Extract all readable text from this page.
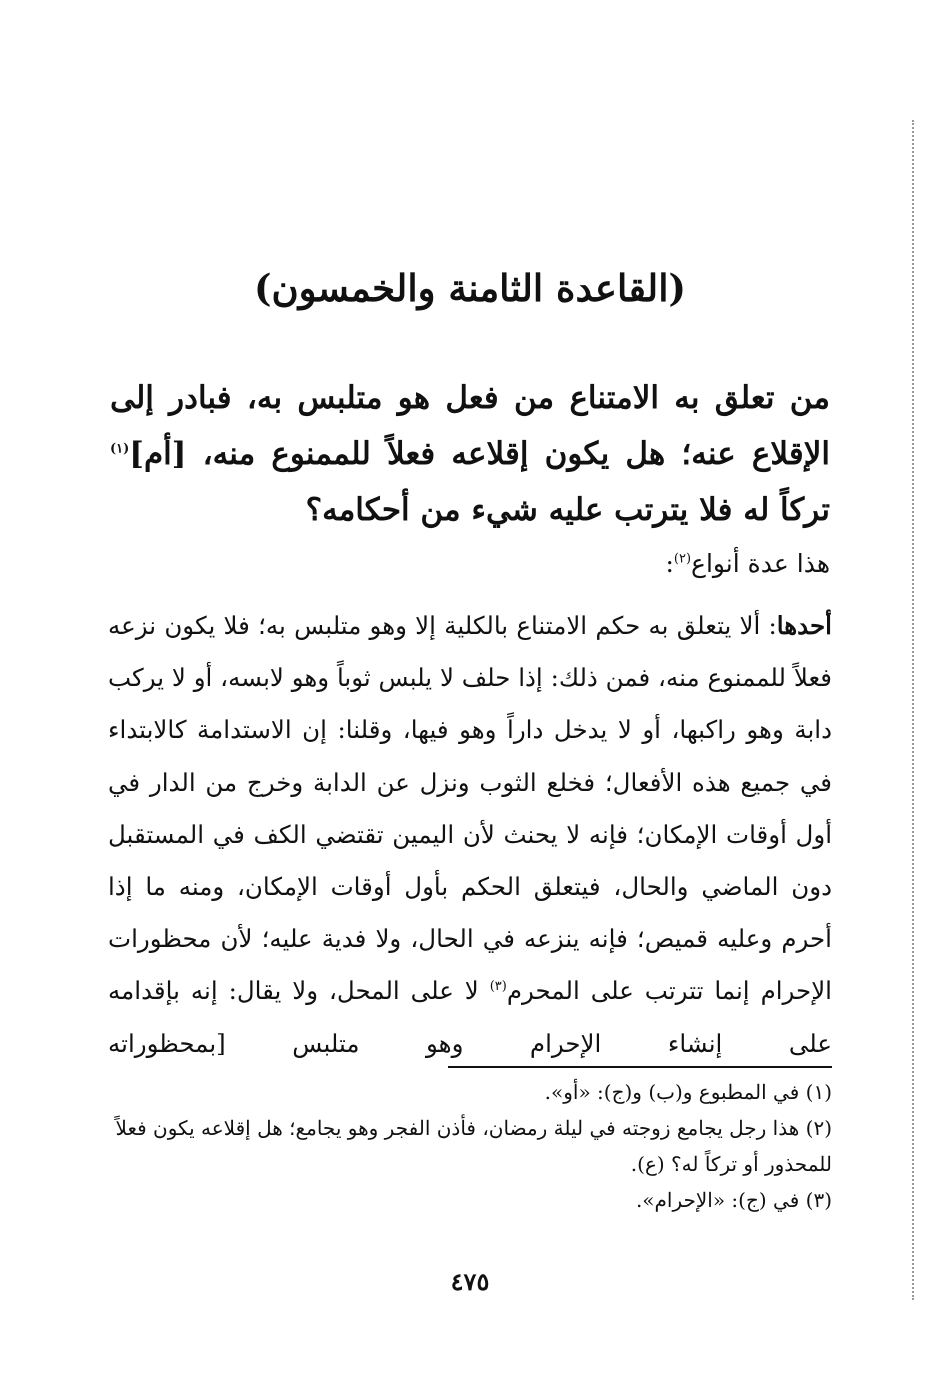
(القاعدة الثامنة والخمسون)

من تعلق به الامتناع من فعل هو متلبس به، فبادر إلى الإقلاع عنه؛ هل يكون إقلاعه فعلاً للممنوع منه، [أم]$^{(١)}$ تركاً له فلا يترتب عليه شيء من أحكامه؟

هذا عدة أنواع$^{(٢)}$:

أحدها: ألا يتعلق به حكم الامتناع بالكلية إلا وهو متلبس به؛ فلا يكون نزعه فعلاً للممنوع منه، فمن ذلك: إذا حلف لا يلبس ثوباً وهو لابسه، أو لا يركب دابة وهو راكبها، أو لا يدخل داراً وهو فيها، وقلنا: إن الاستدامة كالابتداء في جميع هذه الأفعال؛ فخلع الثوب ونزل عن الدابة وخرج من الدار في أول أوقات الإمكان؛ فإنه لا يحنث لأن اليمين تقتضي الكف في المستقبل دون الماضي والحال، فيتعلق الحكم بأول أوقات الإمكان، ومنه ما إذا أحرم وعليه قميص؛ فإنه ينزعه في الحال، ولا فدية عليه؛ لأن محظورات الإحرام إنما تترتب على المحرم$^{(٣)}$ لا على المحل، ولا يقال: إنه بإقدامه على إنشاء الإحرام وهو متلبس [بمحظوراته

(١) في المطبوع و(ب) و(ج): «أو».

(٢) هذا رجل يجامع زوجته في ليلة رمضان، فأذن الفجر وهو يجامع؛ هل إقلاعه يكون فعلاً للمحذور أو تركاً له؟ (ع).

(٣) في (ج): «الإحرام».

٤٧٥
